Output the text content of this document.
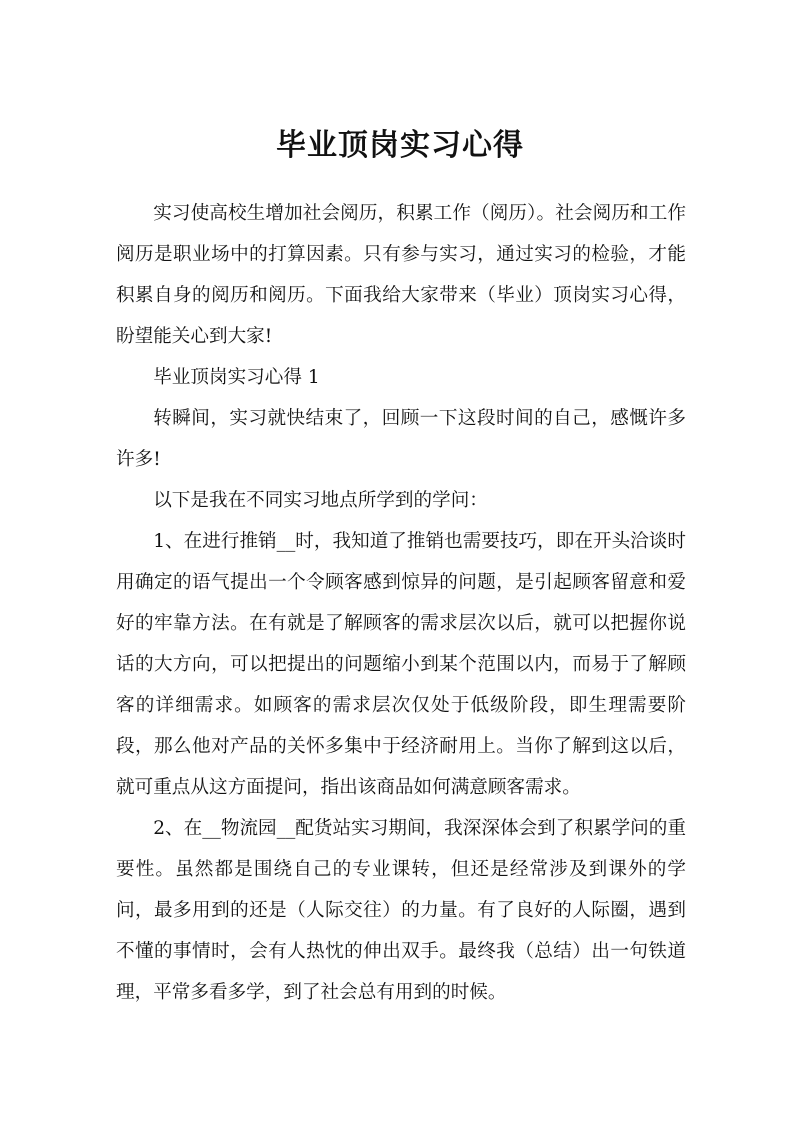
毕业顶岗实习心得

实习使高校生增加社会阅历，积累工作（阅历）。社会阅历和工作阅历是职业场中的打算因素。只有参与实习，通过实习的检验，才能积累自身的阅历和阅历。下面我给大家带来（毕业）顶岗实习心得，盼望能关心到大家!

毕业顶岗实习心得 1

转瞬间，实习就快结束了，回顾一下这段时间的自己，感慨许多许多!

以下是我在不同实习地点所学到的学问：

1、在进行推销__时，我知道了推销也需要技巧，即在开头洽谈时用确定的语气提出一个令顾客感到惊异的问题，是引起顾客留意和爱好的牢靠方法。在有就是了解顾客的需求层次以后，就可以把握你说话的大方向，可以把提出的问题缩小到某个范围以内，而易于了解顾客的详细需求。如顾客的需求层次仅处于低级阶段，即生理需要阶段，那么他对产品的关怀多集中于经济耐用上。当你了解到这以后，就可重点从这方面提问，指出该商品如何满意顾客需求。

2、在__物流园__配货站实习期间，我深深体会到了积累学问的重要性。虽然都是围绕自己的专业课转，但还是经常涉及到课外的学问，最多用到的还是（人际交往）的力量。有了良好的人际圈，遇到不懂的事情时，会有人热忱的伸出双手。最终我（总结）出一句铁道理，平常多看多学，到了社会总有用到的时候。
